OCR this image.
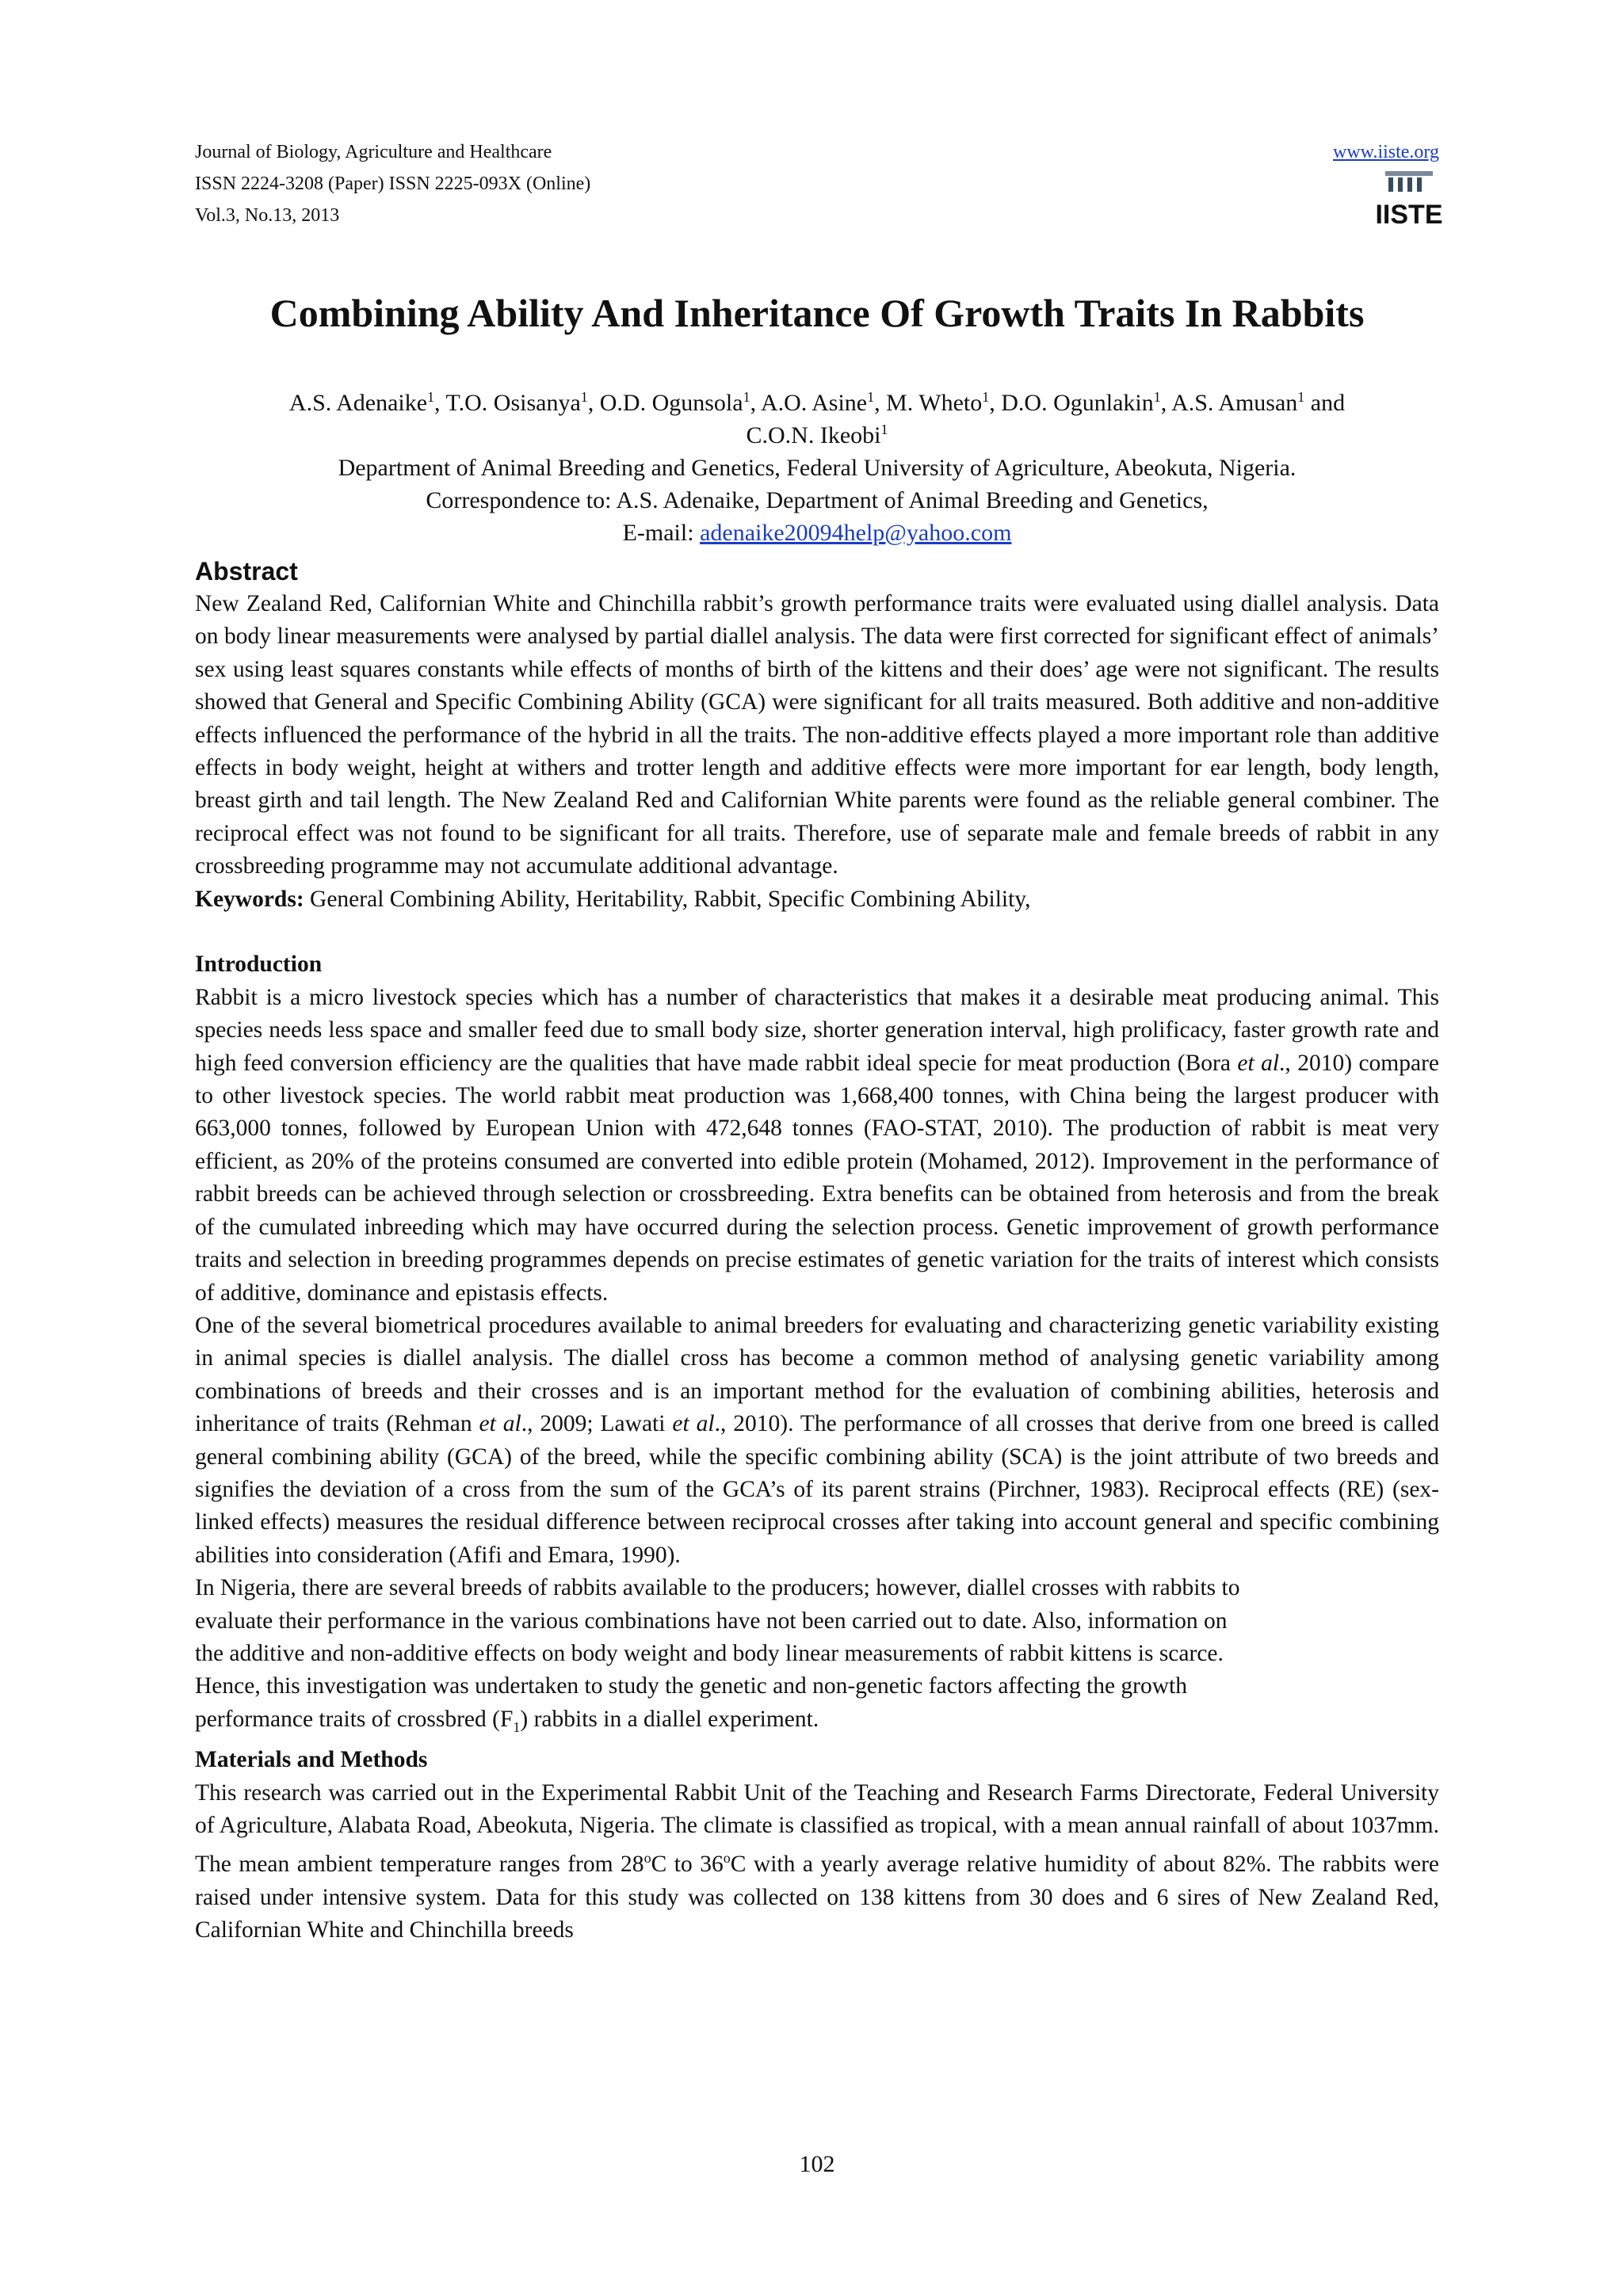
Journal of Biology, Agriculture and Healthcare
ISSN 2224-3208 (Paper) ISSN 2225-093X (Online)
Vol.3, No.13, 2013
www.iiste.org
IISTE
Combining Ability And Inheritance Of Growth Traits In Rabbits
A.S. Adenaike$^1$, T.O. Osisanya$^1$, O.D. Ogunsola$^1$, A.O. Asine$^1$, M. Wheto$^1$, D.O. Ogunlakin$^1$, A.S. Amusan$^1$ and
C.O.N. Ikeobi$^1$
Department of Animal Breeding and Genetics, Federal University of Agriculture, Abeokuta, Nigeria.
Correspondence to: A.S. Adenaike, Department of Animal Breeding and Genetics,
E-mail: adenaike20094help@yahoo.com
Abstract

New Zealand Red, Californian White and Chinchilla rabbit’s growth performance traits were evaluated using diallel analysis. Data on body linear measurements were analysed by partial diallel analysis. The data were first corrected for significant effect of animals’ sex using least squares constants while effects of months of birth of the kittens and their does’ age were not significant. The results showed that General and Specific Combining Ability (GCA) were significant for all traits measured. Both additive and non-additive effects influenced the performance of the hybrid in all the traits. The non-additive effects played a more important role than additive effects in body weight, height at withers and trotter length and additive effects were more important for ear length, body length, breast girth and tail length. The New Zealand Red and Californian White parents were found as the reliable general combiner. The reciprocal effect was not found to be significant for all traits. Therefore, use of separate male and female breeds of rabbit in any crossbreeding programme may not accumulate additional advantage.

Keywords: General Combining Ability, Heritability, Rabbit, Specific Combining Ability,

Introduction

Rabbit is a micro livestock species which has a number of characteristics that makes it a desirable meat producing animal. This species needs less space and smaller feed due to small body size, shorter generation interval, high prolificacy, faster growth rate and high feed conversion efficiency are the qualities that have made rabbit ideal specie for meat production (Bora et al., 2010) compare to other livestock species. The world rabbit meat production was 1,668,400 tonnes, with China being the largest producer with 663,000 tonnes, followed by European Union with 472,648 tonnes (FAO-STAT, 2010). The production of rabbit is meat very efficient, as 20% of the proteins consumed are converted into edible protein (Mohamed, 2012). Improvement in the performance of rabbit breeds can be achieved through selection or crossbreeding. Extra benefits can be obtained from heterosis and from the break of the cumulated inbreeding which may have occurred during the selection process. Genetic improvement of growth performance traits and selection in breeding programmes depends on precise estimates of genetic variation for the traits of interest which consists of additive, dominance and epistasis effects.

One of the several biometrical procedures available to animal breeders for evaluating and characterizing genetic variability existing in animal species is diallel analysis. The diallel cross has become a common method of analysing genetic variability among combinations of breeds and their crosses and is an important method for the evaluation of combining abilities, heterosis and inheritance of traits (Rehman et al., 2009; Lawati et al., 2010). The performance of all crosses that derive from one breed is called general combining ability (GCA) of the breed, while the specific combining ability (SCA) is the joint attribute of two breeds and signifies the deviation of a cross from the sum of the GCA’s of its parent strains (Pirchner, 1983). Reciprocal effects (RE) (sex-linked effects) measures the residual difference between reciprocal crosses after taking into account general and specific combining abilities into consideration (Afifi and Emara, 1990).

In Nigeria, there are several breeds of rabbits available to the producers; however, diallel crosses with rabbits to
evaluate their performance in the various combinations have not been carried out to date. Also, information on
the additive and non-additive effects on body weight and body linear measurements of rabbit kittens is scarce.
Hence, this investigation was undertaken to study the genetic and non-genetic factors affecting the growth
performance traits of crossbred $(F_1)$ rabbits in a diallel experiment.

Materials and Methods

This research was carried out in the Experimental Rabbit Unit of the Teaching and Research Farms Directorate, Federal University of Agriculture, Alabata Road, Abeokuta, Nigeria. The climate is classified as tropical, with a mean annual rainfall of about 1037mm. The mean ambient temperature ranges from 28$^o$C to 36$^o$C with a yearly average relative humidity of about 82%. The rabbits were raised under intensive system. Data for this study was collected on 138 kittens from 30 does and 6 sires of New Zealand Red, Californian White and Chinchilla breeds

102
